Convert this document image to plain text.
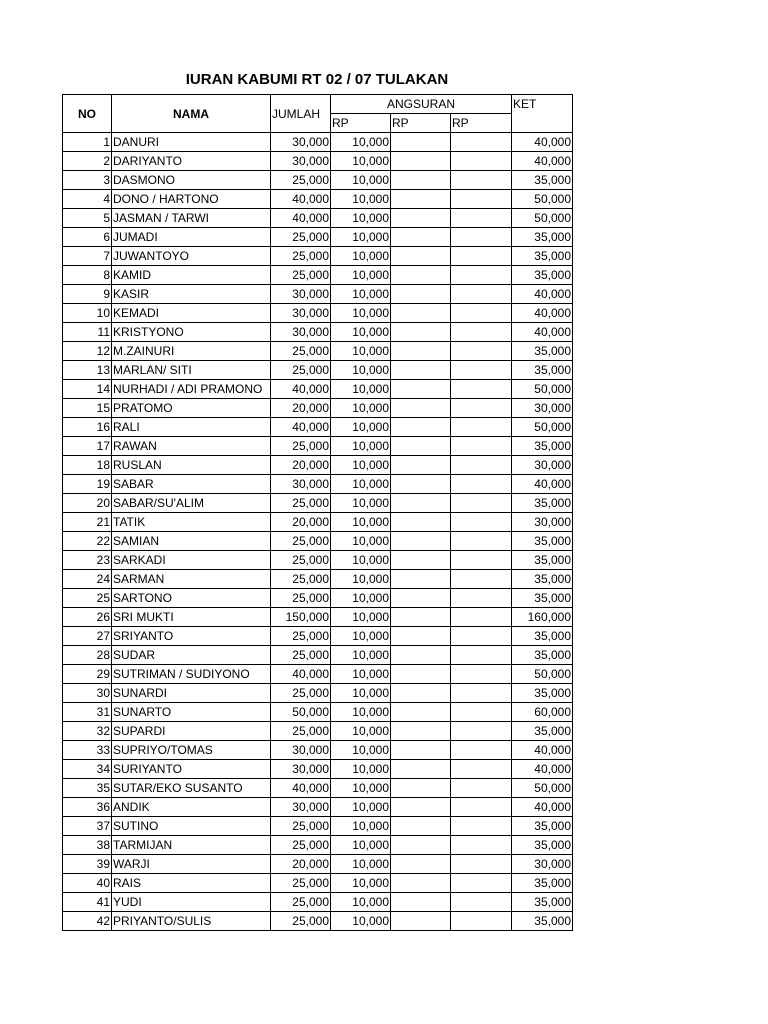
IURAN KABUMI RT 02 / 07 TULAKAN
NO	NAMA	JUMLAH	ANGSURAN			KET
			RP	RP	RP	
1	DANURI	30,000	10,000			40,000
2	DARIYANTO	30,000	10,000			40,000
3	DASMONO	25,000	10,000			35,000
4	DONO / HARTONO	40,000	10,000			50,000
5	JASMAN / TARWI	40,000	10,000			50,000
6	JUMADI	25,000	10,000			35,000
7	JUWANTOYO	25,000	10,000			35,000
8	KAMID	25,000	10,000			35,000
9	KASIR	30,000	10,000			40,000
10	KEMADI	30,000	10,000			40,000
11	KRISTYONO	30,000	10,000			40,000
12	M.ZAINURI	25,000	10,000			35,000
13	MARLAN/ SITI	25,000	10,000			35,000
14	NURHADI / ADI PRAMONO	40,000	10,000			50,000
15	PRATOMO	20,000	10,000			30,000
16	RALI	40,000	10,000			50,000
17	RAWAN	25,000	10,000			35,000
18	RUSLAN	20,000	10,000			30,000
19	SABAR	30,000	10,000			40,000
20	SABAR/SU'ALIM	25,000	10,000			35,000
21	TATIK	20,000	10,000			30,000
22	SAMIAN	25,000	10,000			35,000
23	SARKADI	25,000	10,000			35,000
24	SARMAN	25,000	10,000			35,000
25	SARTONO	25,000	10,000			35,000
26	SRI MUKTI	150,000	10,000			160,000
27	SRIYANTO	25,000	10,000			35,000
28	SUDAR	25,000	10,000			35,000
29	SUTRIMAN / SUDIYONO	40,000	10,000			50,000
30	SUNARDI	25,000	10,000			35,000
31	SUNARTO	50,000	10,000			60,000
32	SUPARDI	25,000	10,000			35,000
33	SUPRIYO/TOMAS	30,000	10,000			40,000
34	SURIYANTO	30,000	10,000			40,000
35	SUTAR/EKO SUSANTO	40,000	10,000			50,000
36	ANDIK	30,000	10,000			40,000
37	SUTINO	25,000	10,000			35,000
38	TARMIJAN	25,000	10,000			35,000
39	WARJI	20,000	10,000			30,000
40	RAIS	25,000	10,000			35,000
41	YUDI	25,000	10,000			35,000
42	PRIYANTO/SULIS	25,000	10,000			35,000
